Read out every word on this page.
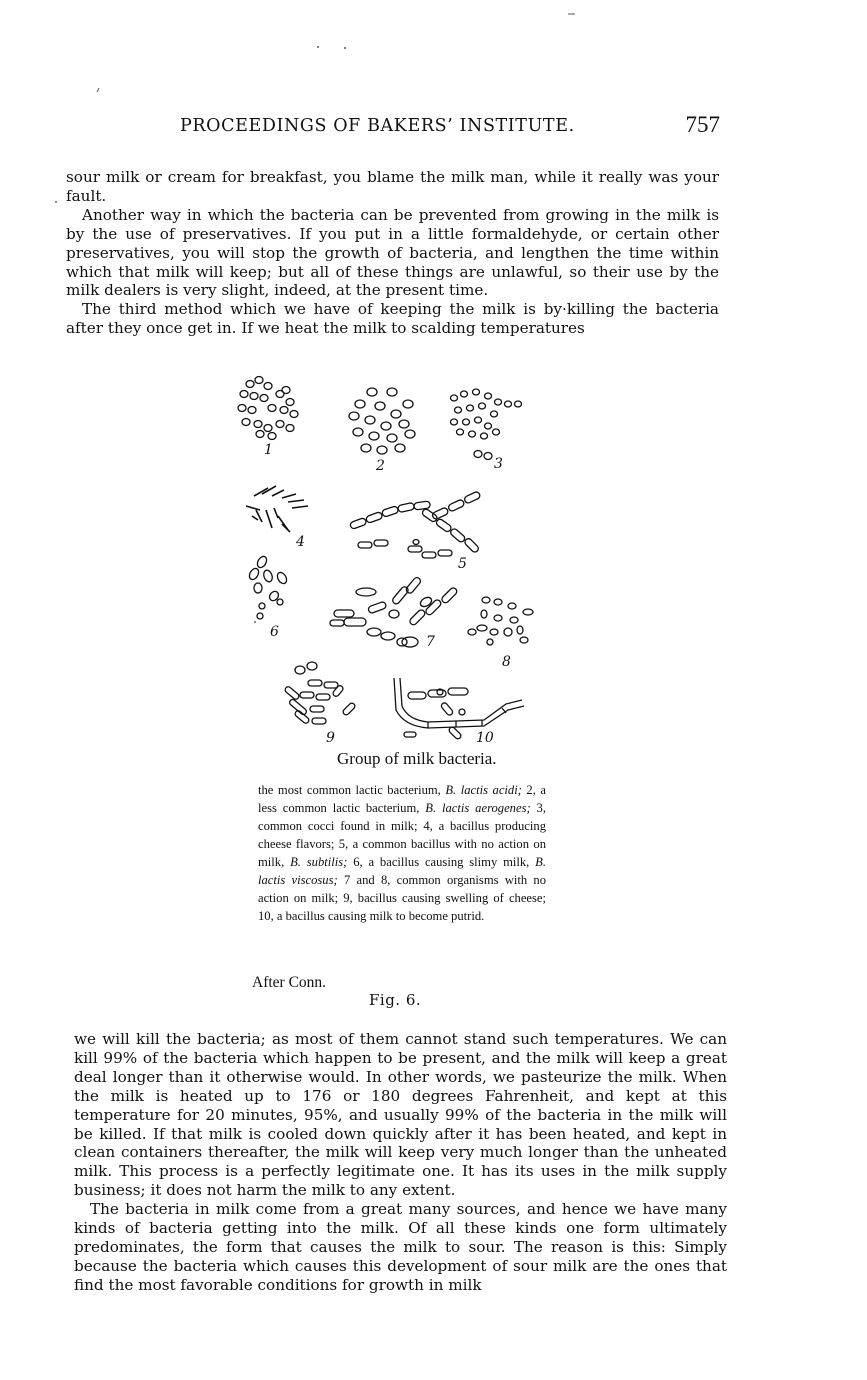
PROCEEDINGS OF BAKERS’ INSTITUTE.	757

sour milk or cream for breakfast, you blame the milk man, while it really was your fault.

Another way in which the bacteria can be prevented from growing in the milk is by the use of preservatives. If you put in a little formaldehyde, or certain other preservatives, you will stop the growth of bacteria, and lengthen the time within which that milk will keep; but all of these things are unlawful, so their use by the milk dealers is very slight, indeed, at the present time.

The third method which we have of keeping the milk is by·killing the bacteria after they once get in. If we heat the milk to scalding temperatures

1
2	3
4
5
6
7
8
9	10
Group of milk bacteria.
the most common lactic bacterium, B. lactis acidi; 2, a less common lactic bacterium, B. lactis aerogenes; 3, common cocci found in milk; 4, a bacillus producing cheese flavors; 5, a common bacillus with no action on milk, B. subtilis; 6, a bacillus causing slimy milk, B. lactis viscosus; 7 and 8, common organisms with no action on milk; 9, bacillus causing swelling of cheese; 10, a bacillus causing milk to become putrid.
After Conn.
Fig. 6.

we will kill the bacteria; as most of them cannot stand such temperatures. We can kill 99% of the bacteria which happen to be present, and the milk will keep a great deal longer than it otherwise would. In other words, we pasteurize the milk. When the milk is heated up to 176 or 180 degrees Fahrenheit, and kept at this temperature for 20 minutes, 95%, and usually 99% of the bacteria in the milk will be killed. If that milk is cooled down quickly after it has been heated, and kept in clean containers thereafter, the milk will keep very much longer than the unheated milk. This process is a perfectly legitimate one. It has its uses in the milk supply business; it does not harm the milk to any extent.

The bacteria in milk come from a great many sources, and hence we have many kinds of bacteria getting into the milk. Of all these kinds one form ultimately predominates, the form that causes the milk to sour. The reason is this: Simply because the bacteria which causes this development of sour milk are the ones that find the most favorable conditions for growth in milk
